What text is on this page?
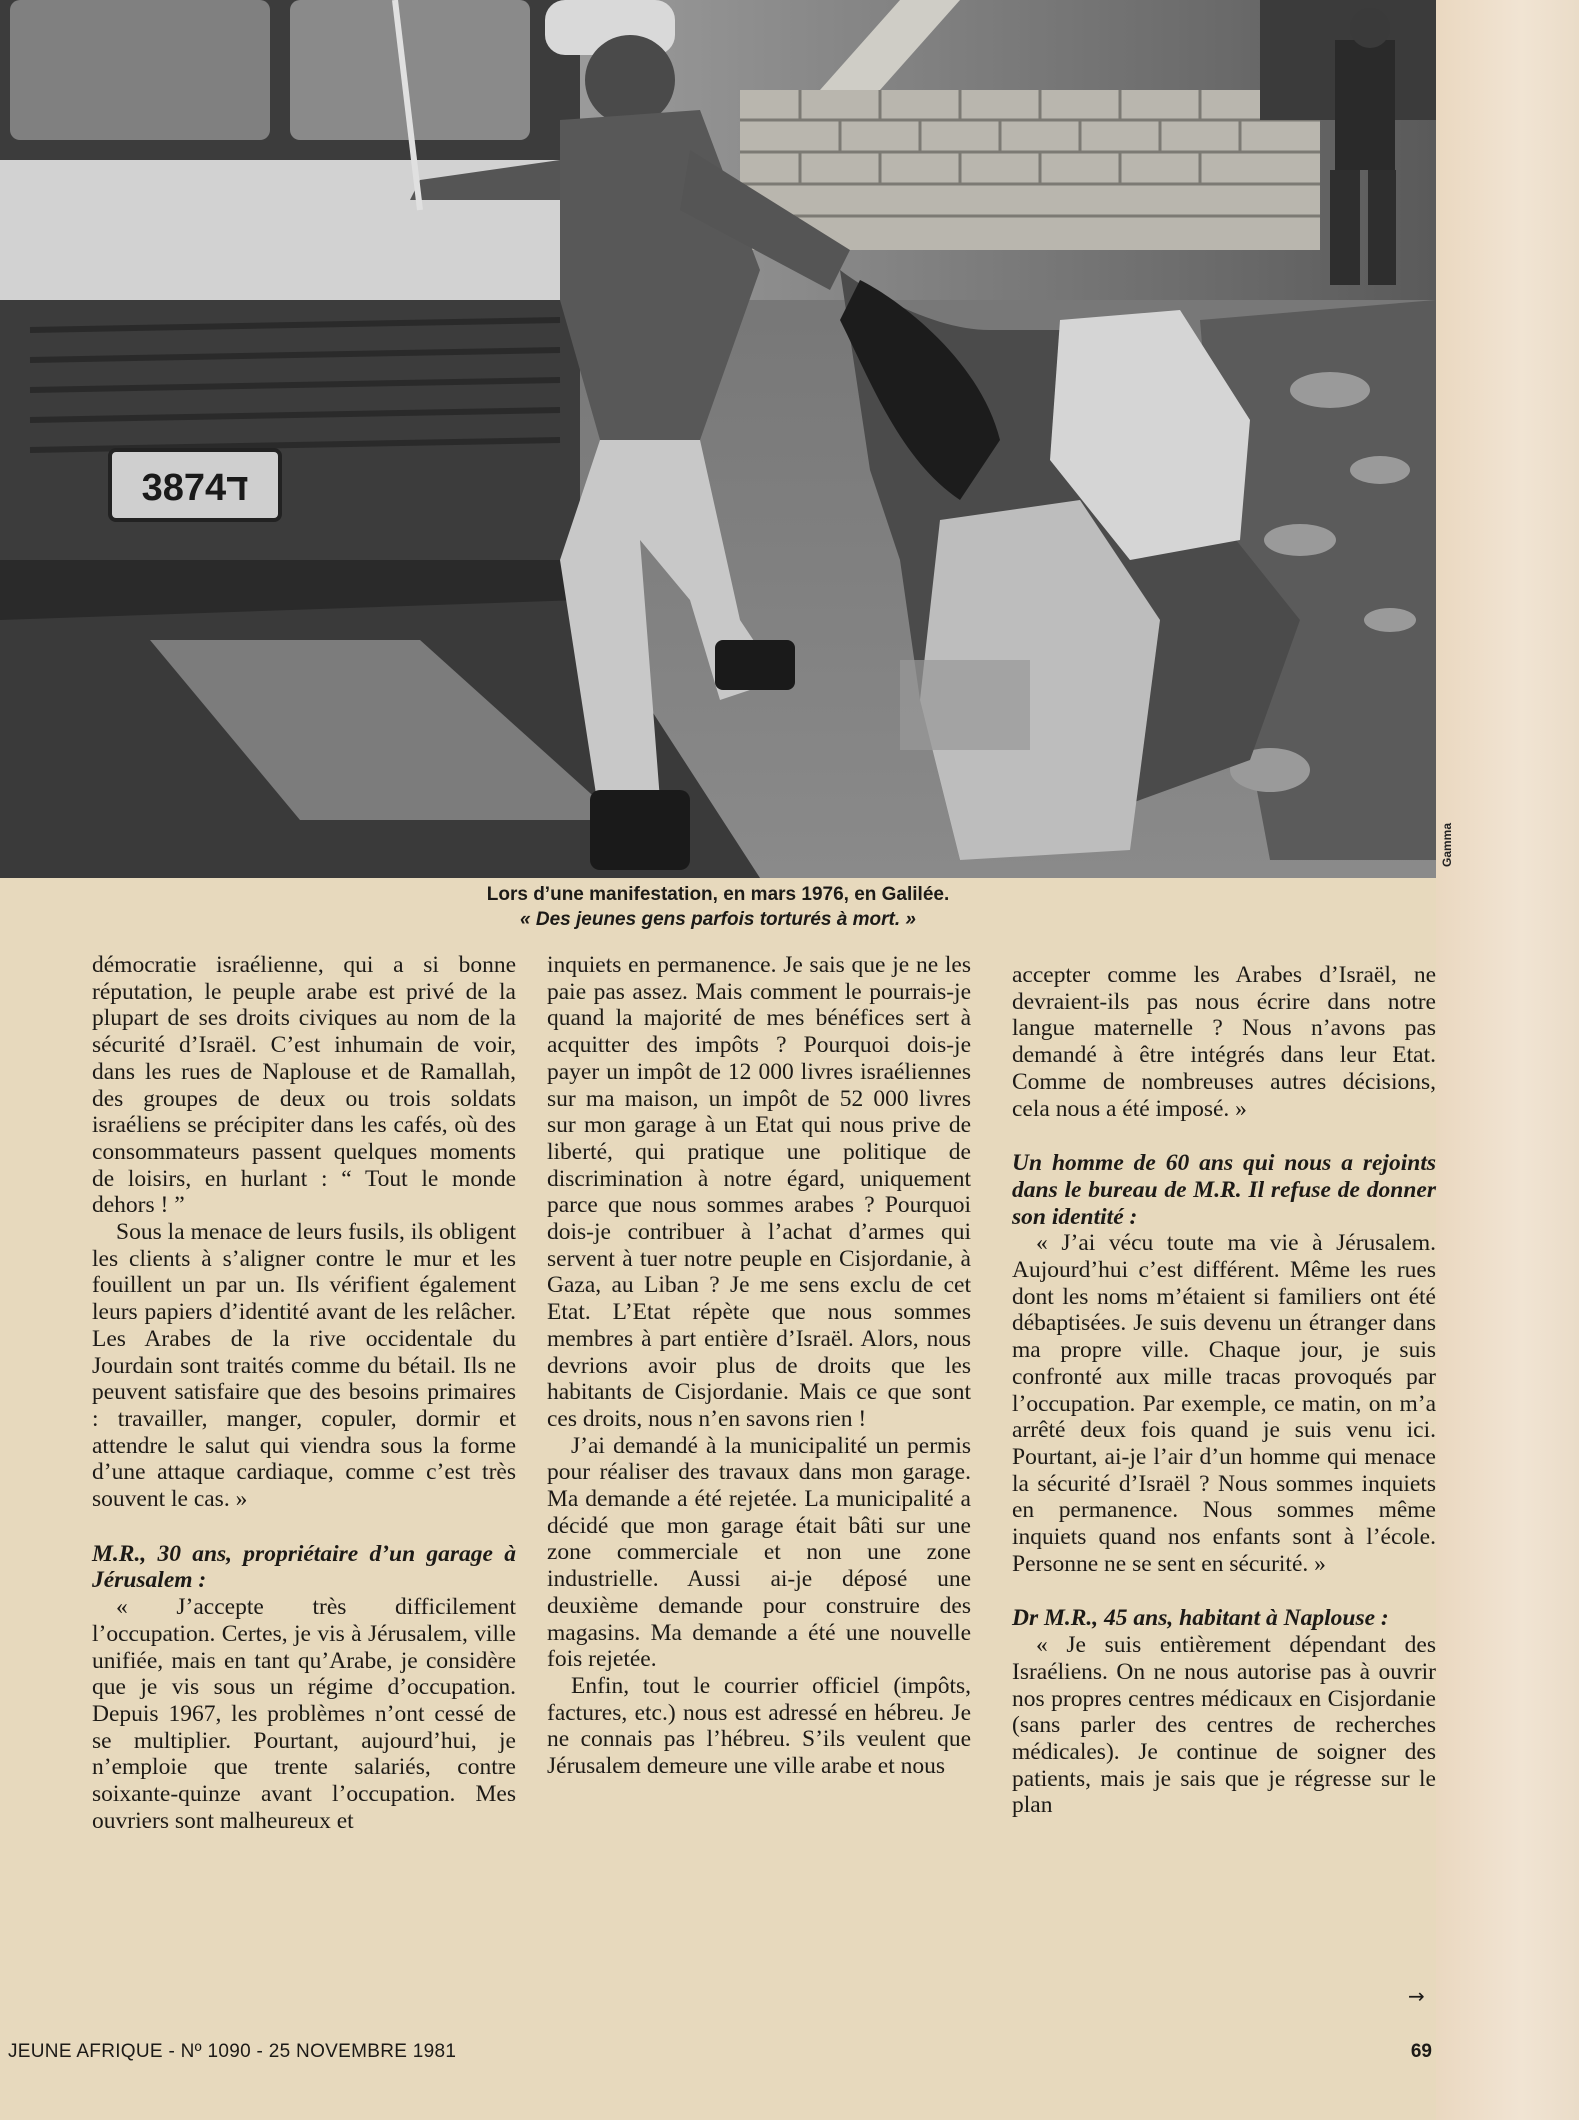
3874ד
Gamma
Lors d’une manifestation, en mars 1976, en Galilée.
« Des jeunes gens parfois torturés à mort. »

démocratie israélienne, qui a si bonne réputation, le peuple arabe est privé de la plupart de ses droits civiques au nom de la sécurité d’Israël. C’est inhumain de voir, dans les rues de Naplouse et de Ramallah, des groupes de deux ou trois soldats israéliens se précipiter dans les cafés, où des consommateurs passent quelques moments de loisirs, en hurlant : “ Tout le monde dehors ! ”

Sous la menace de leurs fusils, ils obligent les clients à s’aligner contre le mur et les fouillent un par un. Ils vérifient également leurs papiers d’identité avant de les relâcher. Les Arabes de la rive occidentale du Jourdain sont traités comme du bétail. Ils ne peuvent satisfaire que des besoins primaires : travailler, manger, copuler, dormir et attendre le salut qui viendra sous la forme d’une attaque cardiaque, comme c’est très souvent le cas. »

M.R., 30 ans, propriétaire d’un garage à Jérusalem :

« J’accepte très difficilement l’occupation. Certes, je vis à Jérusalem, ville unifiée, mais en tant qu’Arabe, je considère que je vis sous un régime d’occupation. Depuis 1967, les problèmes n’ont cessé de se multiplier. Pourtant, aujourd’hui, je n’emploie que trente salariés, contre soixante-quinze avant l’occupation. Mes ouvriers sont malheureux et

inquiets en permanence. Je sais que je ne les paie pas assez. Mais comment le pourrais-je quand la majorité de mes bénéfices sert à acquitter des impôts ? Pourquoi dois-je payer un impôt de 12 000 livres israéliennes sur ma maison, un impôt de 52 000 livres sur mon garage à un Etat qui nous prive de liberté, qui pratique une politique de discrimination à notre égard, uniquement parce que nous sommes arabes ? Pourquoi dois-je contribuer à l’achat d’armes qui servent à tuer notre peuple en Cisjordanie, à Gaza, au Liban ? Je me sens exclu de cet Etat. L’Etat répète que nous sommes membres à part entière d’Israël. Alors, nous devrions avoir plus de droits que les habitants de Cisjordanie. Mais ce que sont ces droits, nous n’en savons rien !

J’ai demandé à la municipalité un permis pour réaliser des travaux dans mon garage. Ma demande a été rejetée. La municipalité a décidé que mon garage était bâti sur une zone commerciale et non une zone industrielle. Aussi ai-je déposé une deuxième demande pour construire des magasins. Ma demande a été une nouvelle fois rejetée.

Enfin, tout le courrier officiel (impôts, factures, etc.) nous est adressé en hébreu. Je ne connais pas l’hébreu. S’ils veulent que Jérusalem demeure une ville arabe et nous

accepter comme les Arabes d’Israël, ne devraient-ils pas nous écrire dans notre langue maternelle ? Nous n’avons pas demandé à être intégrés dans leur Etat. Comme de nombreuses autres décisions, cela nous a été imposé. »

Un homme de 60 ans qui nous a rejoints dans le bureau de M.R. Il refuse de donner son identité :

« J’ai vécu toute ma vie à Jérusalem. Aujourd’hui c’est différent. Même les rues dont les noms m’étaient si familiers ont été débaptisées. Je suis devenu un étranger dans ma propre ville. Chaque jour, je suis confronté aux mille tracas provoqués par l’occupation. Par exemple, ce matin, on m’a arrêté deux fois quand je suis venu ici. Pourtant, ai-je l’air d’un homme qui menace la sécurité d’Israël ? Nous sommes inquiets en permanence. Nous sommes même inquiets quand nos enfants sont à l’école. Personne ne se sent en sécurité. »

Dr M.R., 45 ans, habitant à Naplouse :

« Je suis entièrement dépendant des Israéliens. On ne nous autorise pas à ouvrir nos propres centres médicaux en Cisjordanie (sans parler des centres de recherches médicales). Je continue de soigner des patients, mais je sais que je régresse sur le plan

→
JEUNE AFRIQUE - Nº 1090 - 25 NOVEMBRE 1981	69
